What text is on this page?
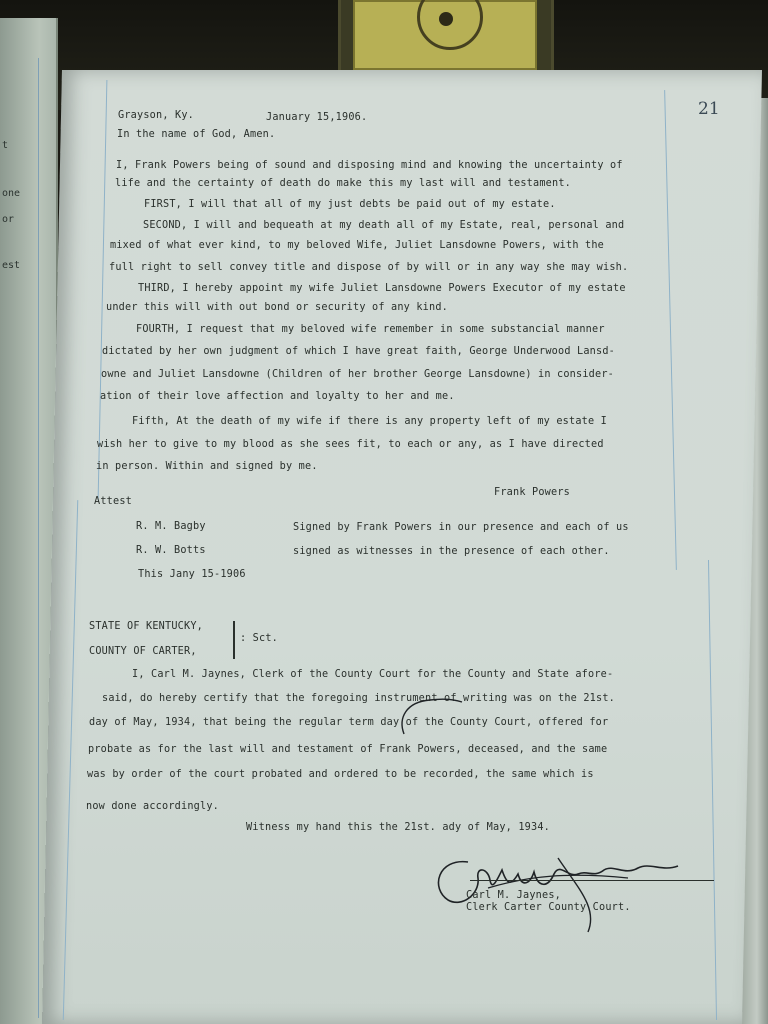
t

one

or

est

21

Grayson, Ky.	January 15,1906.

In the name of God, Amen.

I, Frank Powers being of sound and disposing mind and knowing the uncertainty of

life and the certainty of death do make this my last will and testament.

FIRST, I will that all of my just debts be paid out of my estate.

SECOND, I will and bequeath at my death all of my Estate, real, personal and

mixed of what ever kind, to my beloved Wife, Juliet Lansdowne Powers, with the

full right to sell convey title and dispose of by will or in any way she may wish.

THIRD, I hereby appoint my wife Juliet Lansdowne Powers Executor of my estate

under this will with out bond or security of any kind.

FOURTH, I request that my beloved wife remember in some substancial manner

dictated by her own judgment of which I have great faith, George Underwood Lansd-

owne and Juliet Lansdowne (Children of her brother George Lansdowne) in consider-

ation of their love affection and loyalty to her and me.

Fifth, At the death of my wife if there is any property left of my estate I

wish her to give to my blood as she sees fit, to each or any, as I have directed

in person. Within and signed by me.

Frank Powers

Attest

R. M. Bagby

R. W. Botts

This Jany 15-1906

Signed by Frank Powers in our presence and each of us

signed as witnesses in the presence of each other.

STATE OF KENTUCKY,

COUNTY OF CARTER,

: Sct.

I, Carl M. Jaynes, Clerk of the County Court for the County and State afore-

said, do hereby certify that the foregoing instrument of writing was on the 21st.

day of May, 1934, that being the regular term day of the County Court, offered for

probate as for the last will and testament of Frank Powers, deceased, and the same

was by order of the court probated and ordered to be recorded, the same which is

now done accordingly.

Witness my hand this the 21st. ady of May, 1934.

Carl M. Jaynes,

Clerk Carter County Court.
